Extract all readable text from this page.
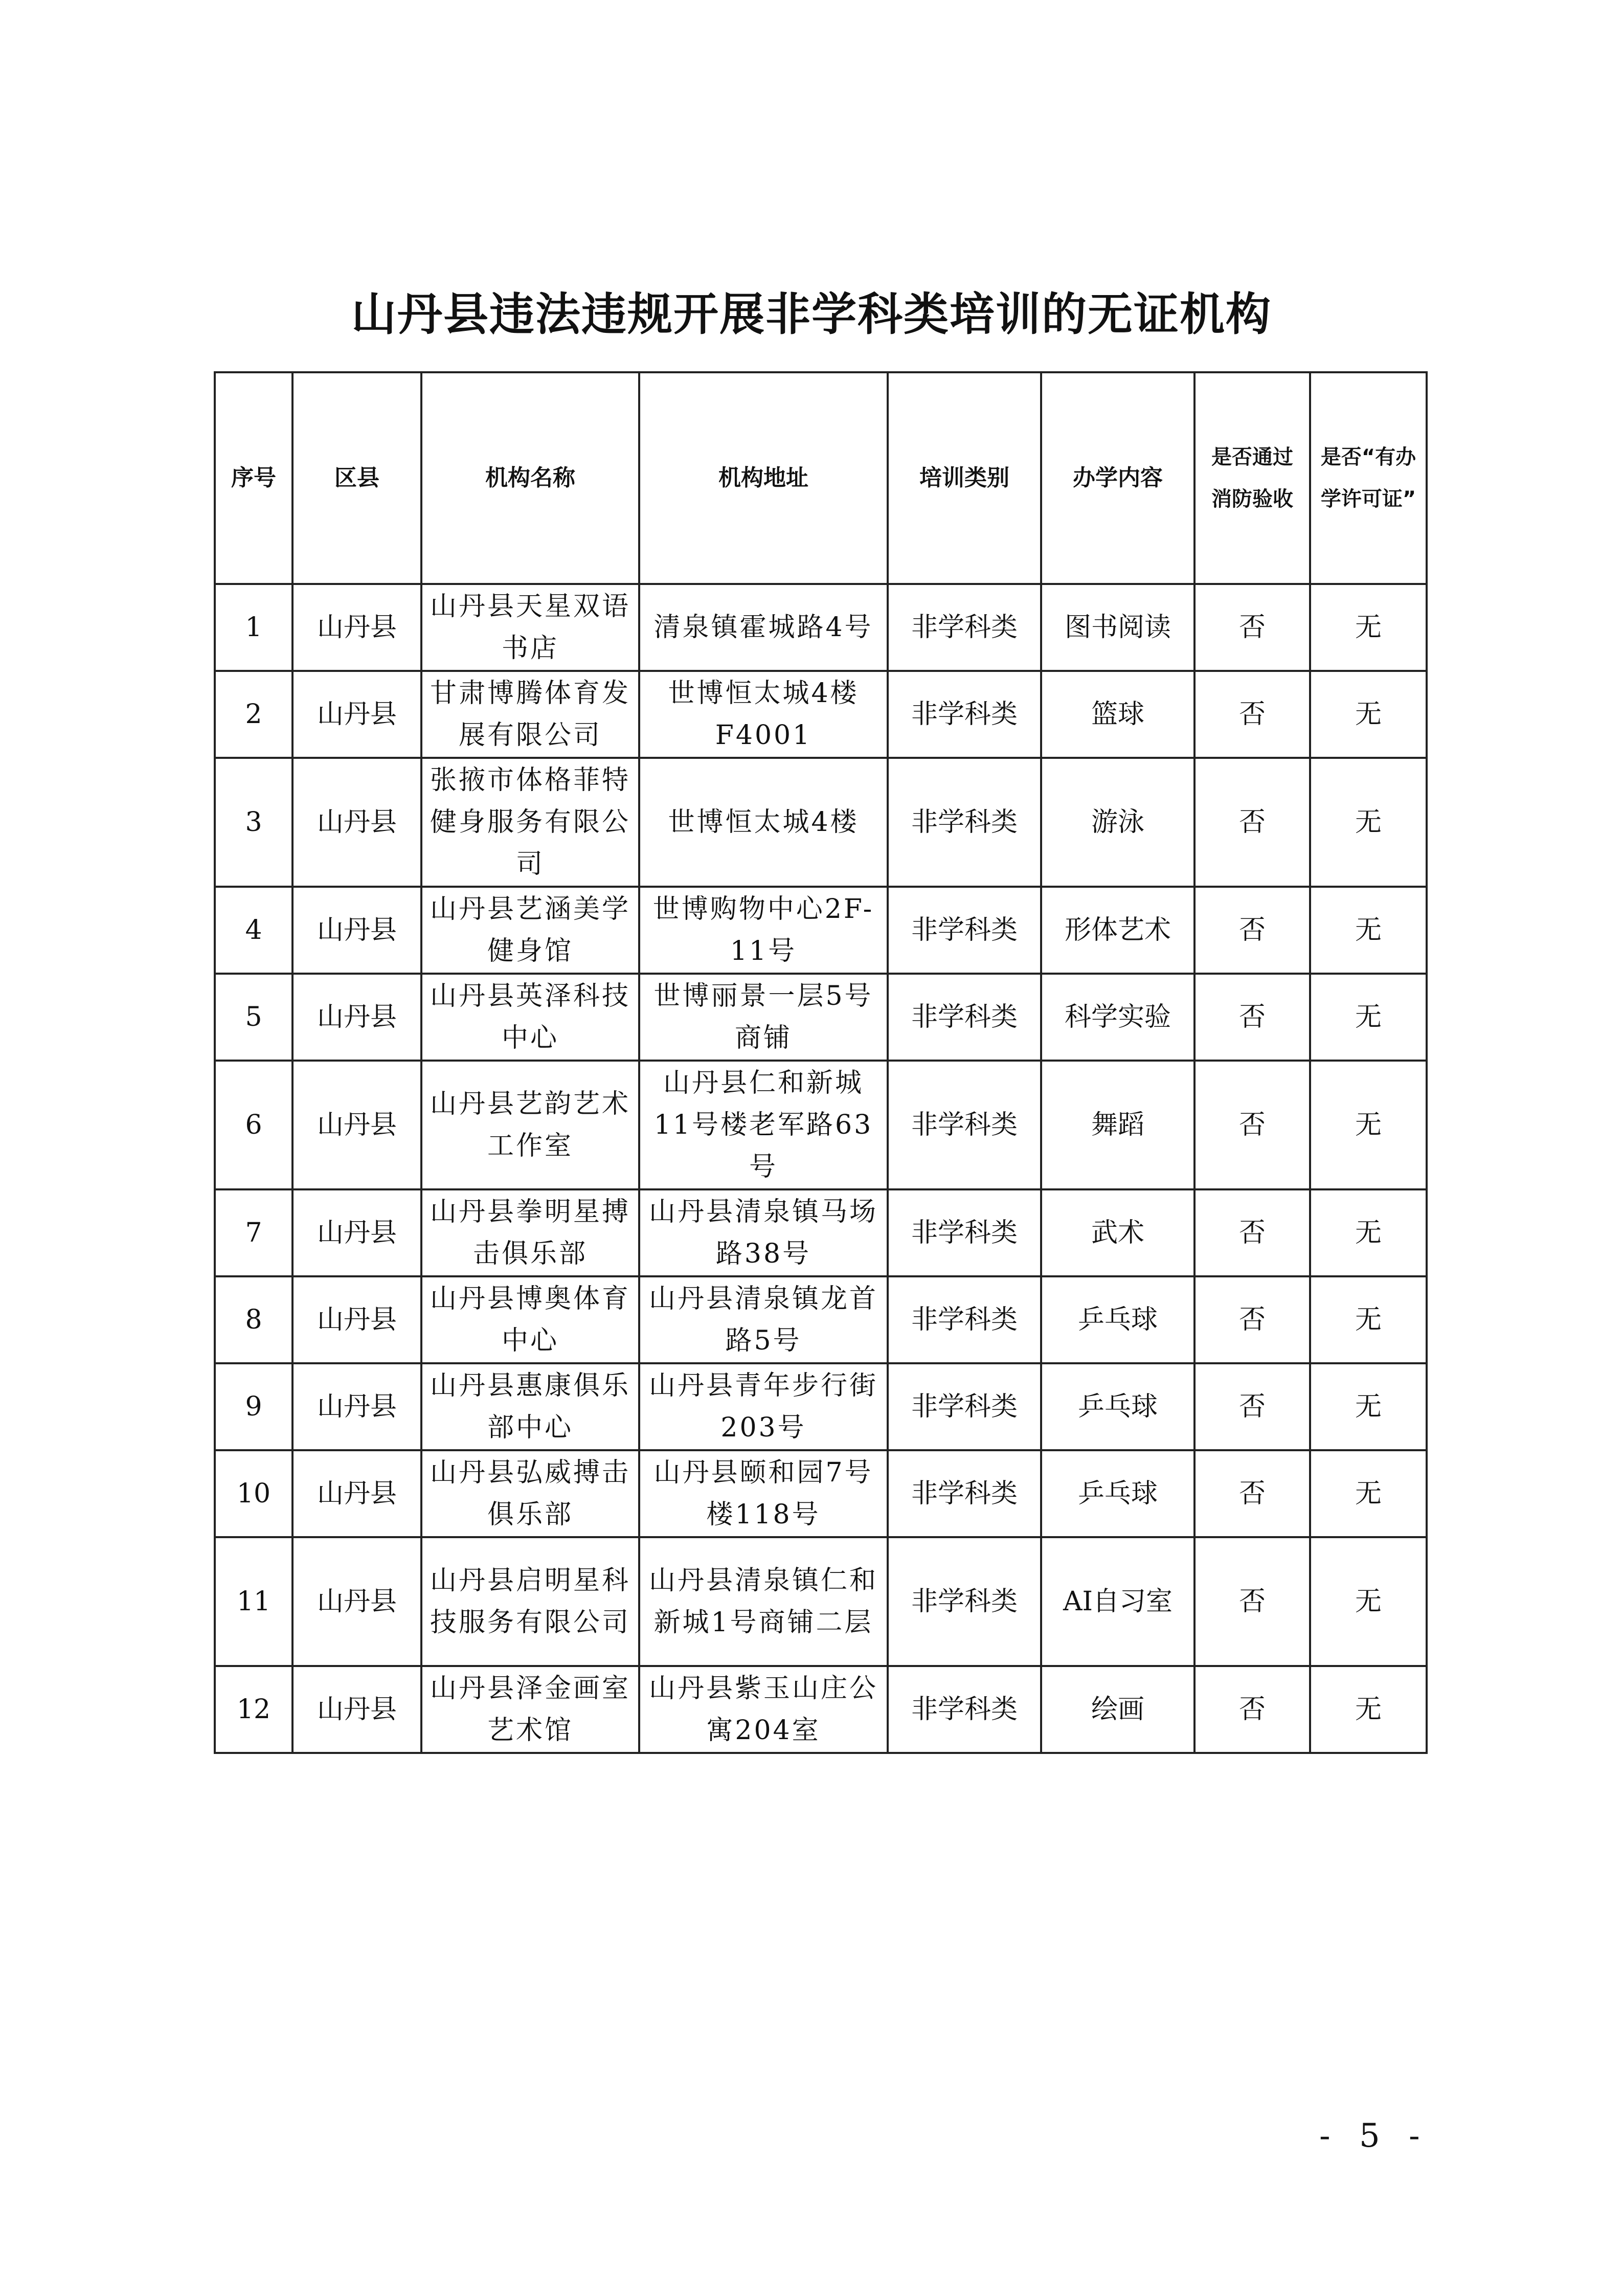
山丹县违法违规开展非学科类培训的无证机构
序号	区县	机构名称	机构地址	培训类别	办学内容	是否通过消防验收	是否“有办学许可证”
1	山丹县	山丹县天星双语书店	清泉镇霍城路4号	非学科类	图书阅读	否	无
2	山丹县	甘肃博腾体育发展有限公司	世博恒太城4楼F4001	非学科类	篮球	否	无
3	山丹县	张掖市体格菲特健身服务有限公司	世博恒太城4楼	非学科类	游泳	否	无
4	山丹县	山丹县艺涵美学健身馆	世博购物中心2F-11号	非学科类	形体艺术	否	无
5	山丹县	山丹县英泽科技中心	世博丽景一层5号商铺	非学科类	科学实验	否	无
6	山丹县	山丹县艺韵艺术工作室	山丹县仁和新城11号楼老军路63号	非学科类	舞蹈	否	无
7	山丹县	山丹县拳明星搏击俱乐部	山丹县清泉镇马场路38号	非学科类	武术	否	无
8	山丹县	山丹县博奥体育中心	山丹县清泉镇龙首路5号	非学科类	乒乓球	否	无
9	山丹县	山丹县惠康俱乐部中心	山丹县青年步行街203号	非学科类	乒乓球	否	无
10	山丹县	山丹县弘威搏击俱乐部	山丹县颐和园7号楼118号	非学科类	乒乓球	否	无
11	山丹县	山丹县启明星科技服务有限公司	山丹县清泉镇仁和新城1号商铺二层	非学科类	AI自习室	否	无
12	山丹县	山丹县泽金画室艺术馆	山丹县紫玉山庄公寓204室	非学科类	绘画	否	无
- 5 -
